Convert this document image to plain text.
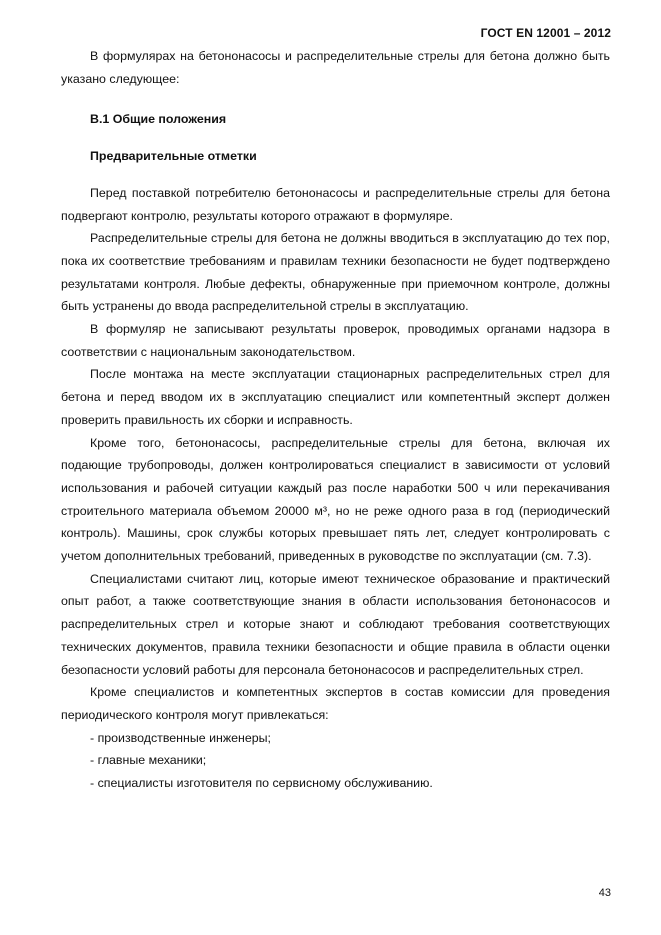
ГОСТ EN 12001 – 2012

В формулярах на бетононасосы и распределительные стрелы для бетона должно быть указано следующее:

В.1 Общие положения
Предварительные отметки

Перед поставкой потребителю бетононасосы и распределительные стрелы для бетона подвергают контролю, результаты которого отражают в формуляре.

Распределительные стрелы для бетона не должны вводиться в эксплуатацию до тех пор, пока их соответствие требованиям и правилам техники безопасности не будет подтверждено результатами контроля. Любые дефекты, обнаруженные при приемочном контроле, должны быть устранены до ввода распределительной стрелы в эксплуатацию.

В формуляр не записывают результаты проверок, проводимых органами надзора в соответствии с национальным законодательством.

После монтажа на месте эксплуатации стационарных распределительных стрел для бетона и перед вводом их в эксплуатацию специалист или компетентный эксперт должен проверить правильность их сборки и исправность.

Кроме того, бетононасосы, распределительные стрелы для бетона, включая их подающие трубопроводы, должен контролироваться специалист в зависимости от условий использования и рабочей ситуации каждый раз после наработки 500 ч или перекачивания строительного материала объемом 20000 м³, но не реже одного раза в год (периодический контроль). Машины, срок службы которых превышает пять лет, следует контролировать с учетом дополнительных требований, приведенных в руководстве по эксплуатации (см. 7.3).

Специалистами считают лиц, которые имеют техническое образование и практический опыт работ, а также соответствующие знания в области использования бетононасосов и распределительных стрел и которые знают и соблюдают требования соответствующих технических документов, правила техники безопасности и общие правила в области оценки безопасности условий работы для персонала бетононасосов и распределительных стрел.

Кроме специалистов и компетентных экспертов в состав комиссии для проведения периодического контроля могут привлекаться:

- производственные инженеры;

- главные механики;

- специалисты изготовителя по сервисному обслуживанию.

43
